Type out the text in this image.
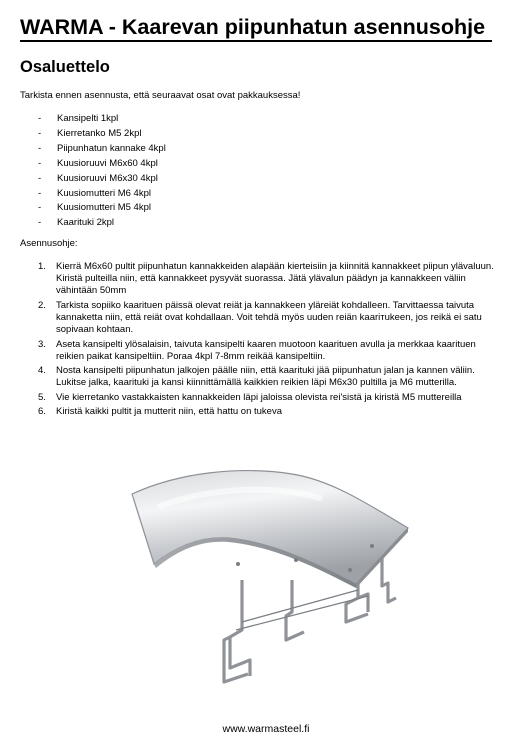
WARMA - Kaarevan piipunhatun asennusohje
Osaluettelo

Tarkista ennen asennusta, että seuraavat osat ovat pakkauksessa!

- Kansipelti 1kpl
- Kierretanko M5 2kpl
- Piipunhatun kannake 4kpl
- Kuusioruuvi M6x60 4kpl
- Kuusioruuvi M6x30 4kpl
- Kuusiomutteri M6 4kpl
- Kuusiomutteri M5 4kpl
- Kaarituki 2kpl

Asennusohje:

1. Kierrä M6x60 pultit piipunhatun kannakkeiden alapään kierteisiin ja kiinnitä kannakkeet piipun ylävaluun. Kiristä pulteilla niin, että kannakkeet pysyvät suorassa. Jätä ylävalun päädyn ja kannakkeen väliin vähintään 50mm
2. Tarkista sopiiko kaarituen päissä olevat reiät ja kannakkeen yläreiät kohdalleen. Tarvittaessa taivuta kannaketta niin, että reiät ovat kohdallaan. Voit tehdä myös uuden reiän kaarітukeen, jos reikä ei satu sopivaan kohtaan.
3. Aseta kansipelti ylösalaisin, taivuta kansipelti kaaren muotoon kaarituen avulla ja merkkaa kaarituen reikien paikat kansipeltiin. Poraa 4kpl 7-8mm reikää kansipeltiin.
4. Nosta kansipelti piipunhatun jalkojen päälle niin, että kaarituki jää piipunhatun jalan ja kannen väliin. Lukitse jalka, kaarituki ja kansi kiinnittämällä kaikkien reikien läpi M6x30 pultilla ja M6 mutterilla.
5. Vie kierretanko vastakkaisten kannakkeiden läpi jaloissa olevista rei'sistä ja kiristä M5 muttereilla
6. Kiristä kaikki pultit ja mutterit niin, että hattu on tukeva

www.warmasteel.fi
